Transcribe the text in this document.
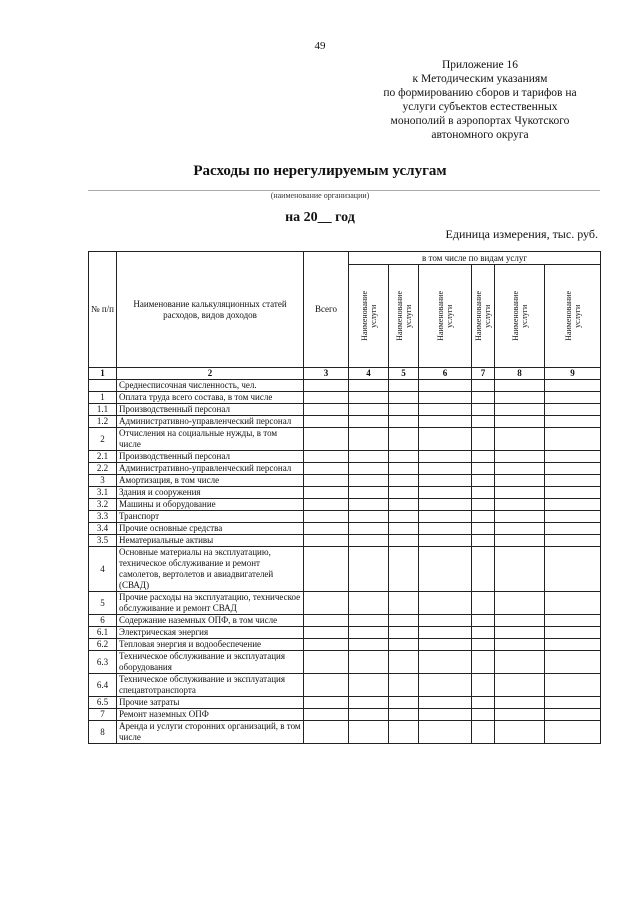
49
Приложение 16
к Методическим указаниям
по формированию сборов и тарифов на
услуги субъектов естественных
монополий в аэропортах Чукотского
автономного округа
Расходы по нерегулируемым услугам
(наименование организации)
на 20__ год
Единица измерения, тыс. руб.
№ п/п	Наименование калькуляционных статей расходов, видов доходов	Всего	в том числе по видам услуг					

			Наименование
услуги	Наименование
услуги	Наименование
услуги	Наименование
услуги	Наименование
услуги	Наименование
услуги

1	2	3	4	5	6	7	8	9
	Среднесписочная численность, чел.							
1	Оплата труда всего состава, в том числе							
1.1	Производственный персонал							
1.2	Административно-управленческий персонал							
2	Отчисления на социальные нужды, в том числе							
2.1	Производственный персонал							
2.2	Административно-управленческий персонал							
3	Амортизация, в том числе							
3.1	Здания и сооружения							
3.2	Машины и оборудование							
3.3	Транспорт							
3.4	Прочие основные средства							
3.5	Нематериальные активы							
4	Основные материалы на эксплуатацию, техническое обслуживание и ремонт самолетов, вертолетов и авиадвигателей (СВАД)							
5	Прочие расходы на эксплуатацию, техническое обслуживание и ремонт СВАД							
6	Содержание наземных ОПФ, в том числе							
6.1	Электрическая энергия							
6.2	Тепловая энергия и водообеспечение							
6.3	Техническое обслуживание и эксплуатация оборудования							
6.4	Техническое обслуживание и эксплуатация спецавтотранспорта							
6.5	Прочие затраты							
7	Ремонт наземных ОПФ							
8	Аренда и услуги сторонних организаций, в том числе							
